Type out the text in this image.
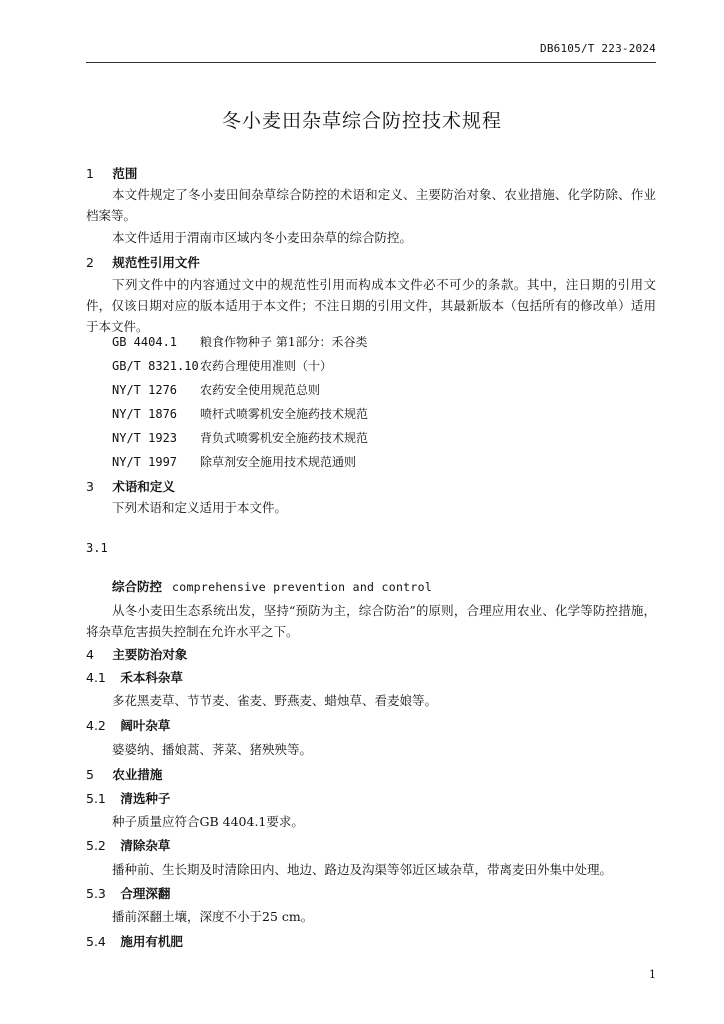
DB6105/T 223-2024
冬小麦田杂草综合防控技术规程
1 范围
本文件规定了冬小麦田间杂草综合防控的术语和定义、主要防治对象、农业措施、化学防除、作业档案等。
本文件适用于渭南市区域内冬小麦田杂草的综合防控。
2 规范性引用文件
下列文件中的内容通过文中的规范性引用而构成本文件必不可少的条款。其中，注日期的引用文件，仅该日期对应的版本适用于本文件；不注日期的引用文件，其最新版本（包括所有的修改单）适用于本文件。
GB 4404.1 粮食作物种子 第1部分：禾谷类
GB/T 8321.10农药合理使用准则（十）
NY/T 1276 农药安全使用规范总则
NY/T 1876 喷杆式喷雾机安全施药技术规范
NY/T 1923 背负式喷雾机安全施药技术规范
NY/T 1997 除草剂安全施用技术规范通则
3 术语和定义
下列术语和定义适用于本文件。
3.1
综合防控 comprehensive prevention and control
从冬小麦田生态系统出发，坚持“预防为主，综合防治”的原则，合理应用农业、化学等防控措施，将杂草危害损失控制在允许水平之下。
4 主要防治对象
4.1 禾本科杂草
多花黑麦草、节节麦、雀麦、野燕麦、蜡烛草、看麦娘等。
4.2 阔叶杂草
婆婆纳、播娘蒿、荠菜、猪殃殃等。
5 农业措施
5.1 清选种子
种子质量应符合GB 4404.1要求。
5.2 清除杂草
播种前、生长期及时清除田内、地边、路边及沟渠等邻近区域杂草，带离麦田外集中处理。
5.3 合理深翻
播前深翻土壤，深度不小于25 cm。
5.4 施用有机肥
1
